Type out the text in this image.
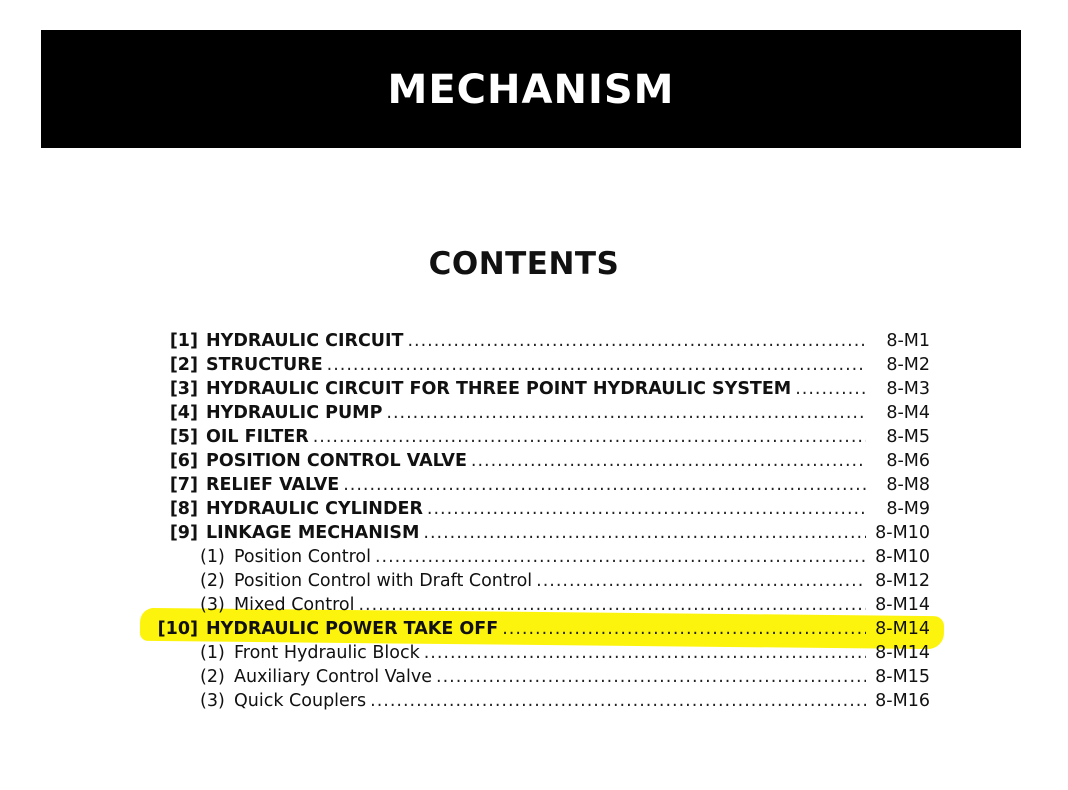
MECHANISM
CONTENTS
[1] HYDRAULIC CIRCUIT .....	8-M1
[2] STRUCTURE .....	8-M2
[3] HYDRAULIC CIRCUIT FOR THREE POINT HYDRAULIC SYSTEM .....	8-M3
[4] HYDRAULIC PUMP .....	8-M4
[5] OIL FILTER .....	8-M5
[6] POSITION CONTROL VALVE .....	8-M6
[7] RELIEF VALVE .....	8-M8
[8] HYDRAULIC CYLINDER .....	8-M9
[9] LINKAGE MECHANISM .....	8-M10
(1) Position Control .....	8-M10
(2) Position Control with Draft Control .....	8-M12
(3) Mixed Control .....	8-M14
[10] HYDRAULIC POWER TAKE OFF .....	8-M14
(1) Front Hydraulic Block .....	8-M14
(2) Auxiliary Control Valve .....	8-M15
(3) Quick Couplers .....	8-M16
